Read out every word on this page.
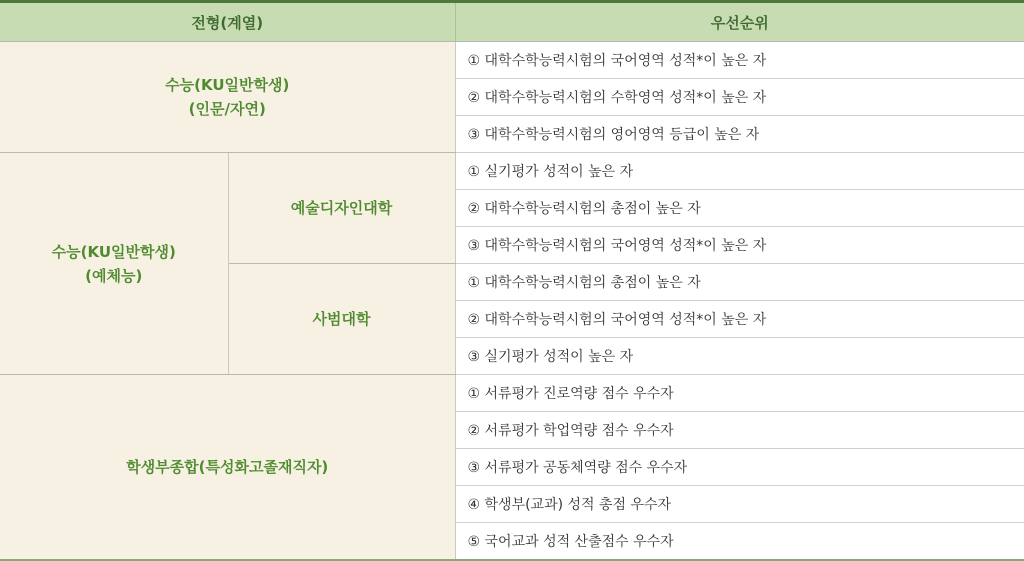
전형(계열)		우선순위

수능(KU일반학생)
(인문/자연)		① 대학수학능력시험의 국어영역 성적*이 높은 자
		② 대학수학능력시험의 수학영역 성적*이 높은 자
		③ 대학수학능력시험의 영어영역 등급이 높은 자

수능(KU일반학생)
(예체능)	예술디자인대학	① 실기평가 성적이 높은 자
		② 대학수학능력시험의 총점이 높은 자
		③ 대학수학능력시험의 국어영역 성적*이 높은 자
	사범대학	① 대학수학능력시험의 총점이 높은 자
		② 대학수학능력시험의 국어영역 성적*이 높은 자
		③ 실기평가 성적이 높은 자

학생부종합(특성화고졸재직자)		① 서류평가 진로역량 점수 우수자
		② 서류평가 학업역량 점수 우수자
		③ 서류평가 공동체역량 점수 우수자
		④ 학생부(교과) 성적 총점 우수자
		⑤ 국어교과 성적 산출점수 우수자
